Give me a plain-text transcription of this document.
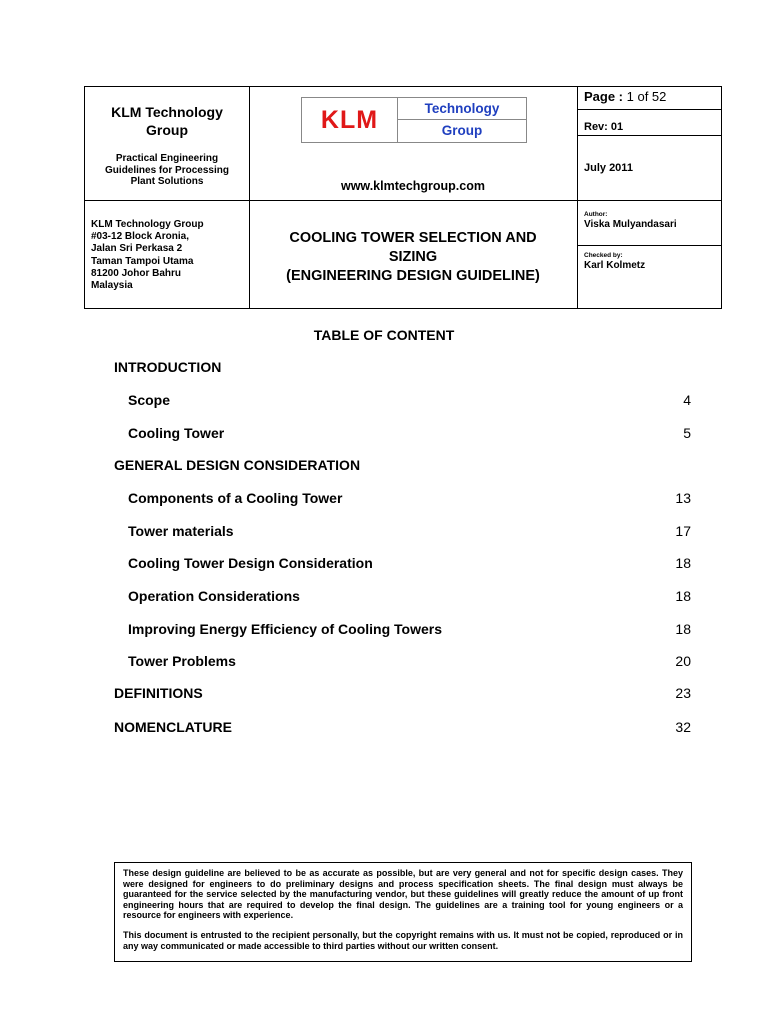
KLM Technology
Group
Practical Engineering
Guidelines for Processing
Plant Solutions
KLM	Technology
Group
www.klmtechgroup.com
Page : 1 of 52
Rev: 01
July 2011
KLM Technology Group
#03-12 Block Aronia,
Jalan Sri Perkasa 2
Taman Tampoi Utama
81200 Johor Bahru
Malaysia
COOLING TOWER SELECTION AND
SIZING
(ENGINEERING DESIGN GUIDELINE)
Author:
Viska Mulyandasari
Checked by:
Karl Kolmetz
TABLE OF CONTENT
INTRODUCTION
Scope	4
Cooling Tower	5
GENERAL DESIGN CONSIDERATION
Components of a Cooling Tower	13
Tower materials	17
Cooling Tower Design Consideration	18
Operation Considerations	18
Improving Energy Efficiency of Cooling Towers	18
Tower Problems	20
DEFINITIONS	23
NOMENCLATURE	32

These design guideline are believed to be as accurate as possible, but are very general and not for specific design cases. They were designed for engineers to do preliminary designs and process specification sheets. The final design must always be guaranteed for the service selected by the manufacturing vendor, but these guidelines will greatly reduce the amount of up front engineering hours that are required to develop the final design. The guidelines are a training tool for young engineers or a resource for engineers with experience.

This document is entrusted to the recipient personally, but the copyright remains with us. It must not be copied, reproduced or in any way communicated or made accessible to third parties without our written consent.
